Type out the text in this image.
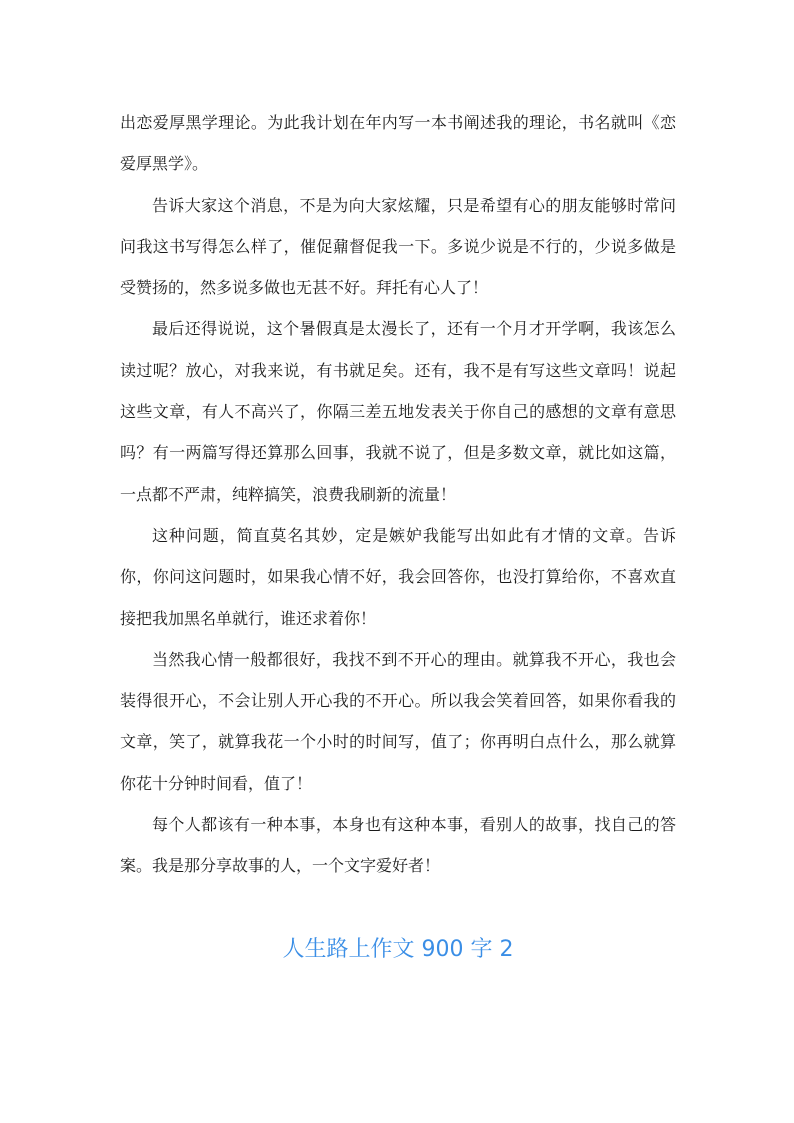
出恋爱厚黑学理论。为此我计划在年内写一本书阐述我的理论，书名就叫《恋爱厚黑学》。

告诉大家这个消息，不是为向大家炫耀，只是希望有心的朋友能够时常问问我这书写得怎么样了，催促鼐督促我一下。多说少说是不行的，少说多做是受赞扬的，然多说多做也无甚不好。拜托有心人了！

最后还得说说，这个暑假真是太漫长了，还有一个月才开学啊，我该怎么读过呢？放心，对我来说，有书就足矣。还有，我不是有写这些文章吗！说起这些文章，有人不高兴了，你隔三差五地发表关于你自己的感想的文章有意思吗？有一两篇写得还算那么回事，我就不说了，但是多数文章，就比如这篇，一点都不严肃，纯粹搞笑，浪费我刷新的流量！

这种问题，简直莫名其妙，定是嫉妒我能写出如此有才情的文章。告诉你，你问这问题时，如果我心情不好，我会回答你，也没打算给你，不喜欢直接把我加黑名单就行，谁还求着你！

当然我心情一般都很好，我找不到不开心的理由。就算我不开心，我也会装得很开心，不会让别人开心我的不开心。所以我会笑着回答，如果你看我的文章，笑了，就算我花一个小时的时间写，值了；你再明白点什么，那么就算你花十分钟时间看，值了！

每个人都该有一种本事，本身也有这种本事，看别人的故事，找自己的答案。我是那分享故事的人，一个文字爱好者！

人生路上作文 900 字 2
